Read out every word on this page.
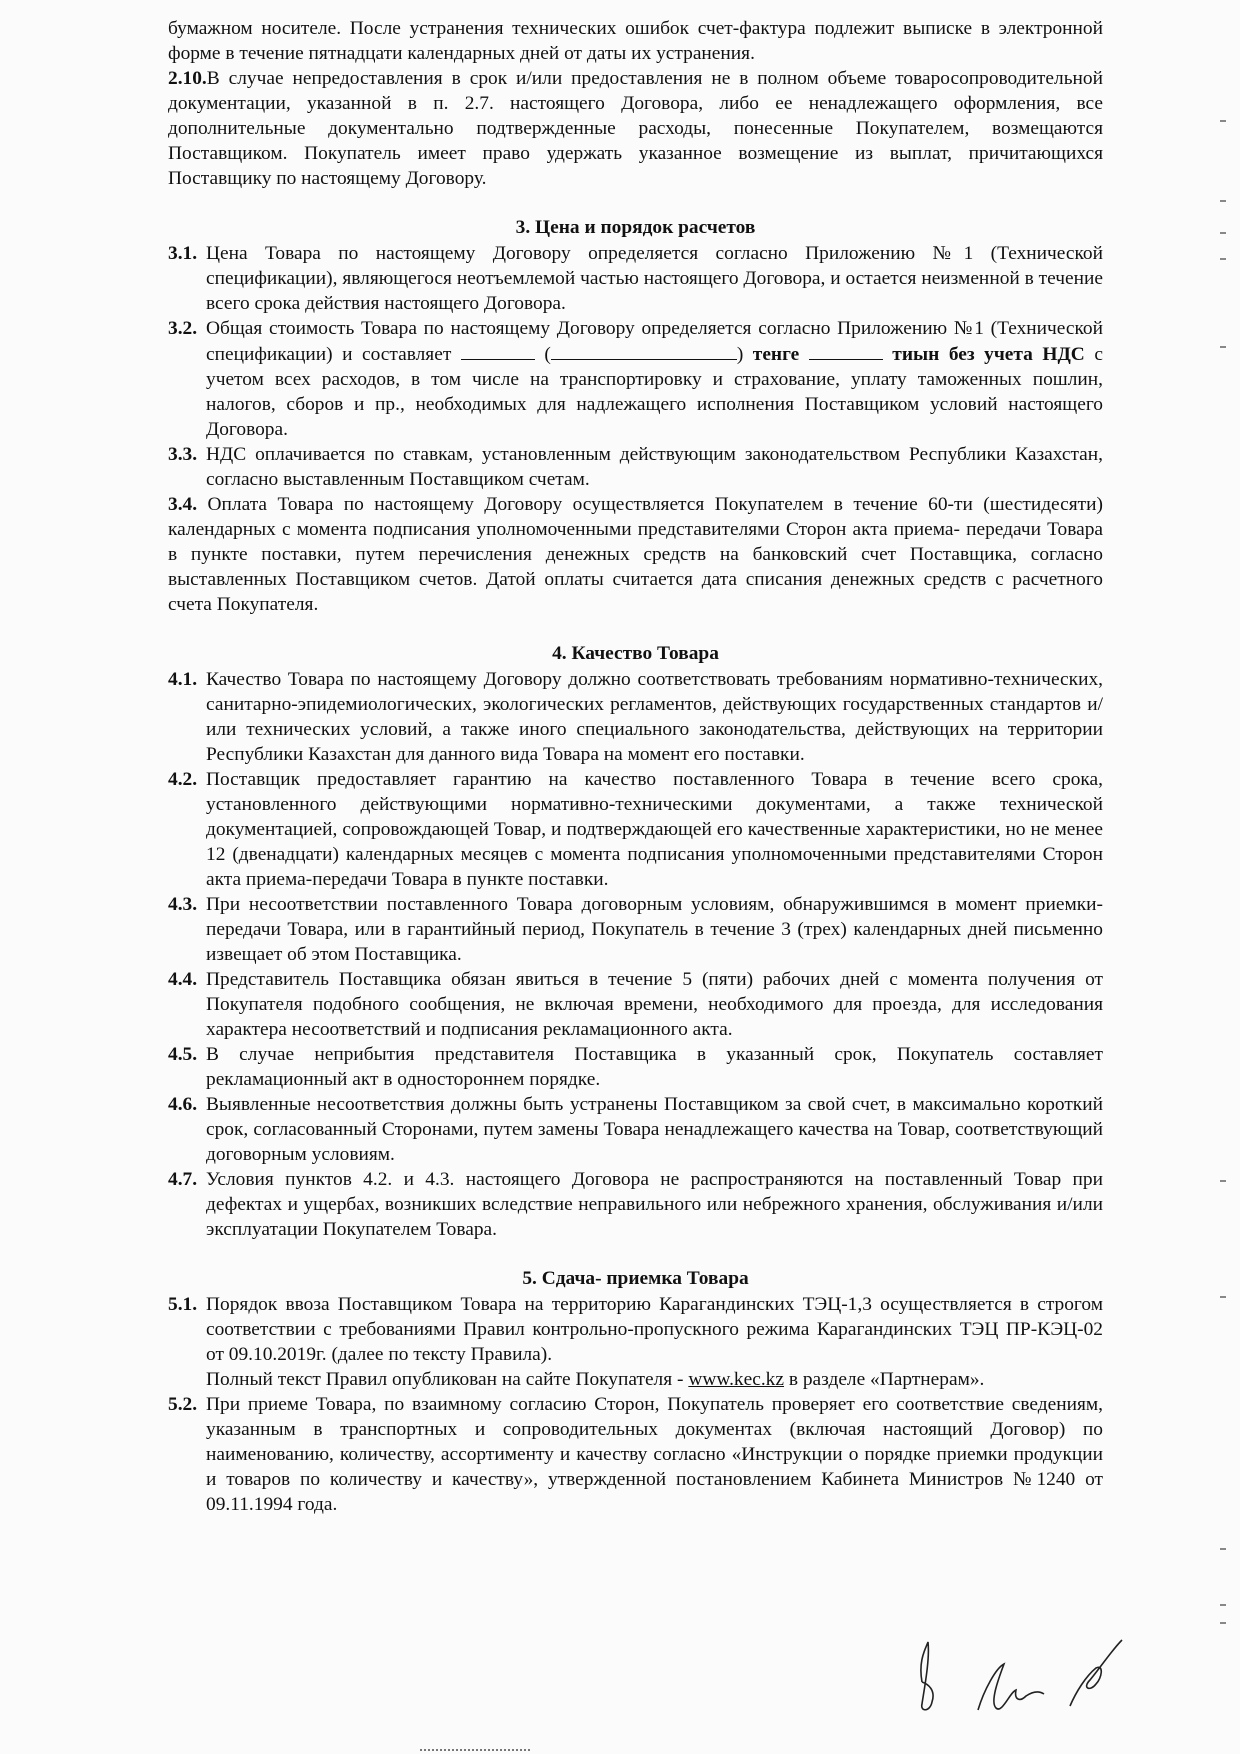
бумажном носителе. После устранения технических ошибок счет-фактура подлежит выписке в электронной форме в течение пятнадцати календарных дней от даты их устранения.

2.10.В случае непредоставления в срок и/или предоставления не в полном объеме товаросопроводительной документации, указанной в п. 2.7. настоящего Договора, либо ее ненадлежащего оформления, все дополнительные документально подтвержденные расходы, понесенные Покупателем, возмещаются Поставщиком. Покупатель имеет право удержать указанное возмещение из выплат, причитающихся Поставщику по настоящему Договору.

3. Цена и порядок расчетов
3.1. Цена Товара по настоящему Договору определяется согласно Приложению №1 (Технической спецификации), являющегося неотъемлемой частью настоящего Договора, и остается неизменной в течение всего срока действия настоящего Договора.
3.2. Общая стоимость Товара по настоящему Договору определяется согласно Приложению №1 (Технической спецификации) и составляет	(	) тенге	тиын без учета НДС с учетом всех расходов, в том числе на транспортировку и страхование, уплату таможенных пошлин, налогов, сборов и пр., необходимых для надлежащего исполнения Поставщиком условий настоящего Договора.
3.3. НДС оплачивается по ставкам, установленным действующим законодательством Республики Казахстан, согласно выставленным Поставщиком счетам.

3.4. Оплата Товара по настоящему Договору осуществляется Покупателем в течение 60-ти (шестидесяти) календарных с момента подписания уполномоченными представителями Сторон акта приема- передачи Товара в пункте поставки, путем перечисления денежных средств на банковский счет Поставщика, согласно выставленных Поставщиком счетов. Датой оплаты считается дата списания денежных средств с расчетного счета Покупателя.

4. Качество Товара
4.1. Качество Товара по настоящему Договору должно соответствовать требованиям нормативно-технических, санитарно-эпидемиологических, экологических регламентов, действующих государственных стандартов и/или технических условий, а также иного специального законодательства, действующих на территории Республики Казахстан для данного вида Товара на момент его поставки.
4.2. Поставщик предоставляет гарантию на качество поставленного Товара в течение всего срока, установленного действующими нормативно-техническими документами, а также технической документацией, сопровождающей Товар, и подтверждающей его качественные характеристики, но не менее 12 (двенадцати) календарных месяцев с момента подписания уполномоченными представителями Сторон акта приема-передачи Товара в пункте поставки.
4.3. При несоответствии поставленного Товара договорным условиям, обнаружившимся в момент приемки-передачи Товара, или в гарантийный период, Покупатель в течение 3 (трех) календарных дней письменно извещает об этом Поставщика.
4.4. Представитель Поставщика обязан явиться в течение 5 (пяти) рабочих дней с момента получения от Покупателя подобного сообщения, не включая времени, необходимого для проезда, для исследования характера несоответствий и подписания рекламационного акта.
4.5. В случае неприбытия представителя Поставщика в указанный срок, Покупатель составляет рекламационный акт в одностороннем порядке.
4.6. Выявленные несоответствия должны быть устранены Поставщиком за свой счет, в максимально короткий срок, согласованный Сторонами, путем замены Товара ненадлежащего качества на Товар, соответствующий договорным условиям.
4.7. Условия пунктов 4.2. и 4.3. настоящего Договора не распространяются на поставленный Товар при дефектах и ущербах, возникших вследствие неправильного или небрежного хранения, обслуживания и/или эксплуатации Покупателем Товара.
5. Сдача- приемка Товара
5.1. Порядок ввоза Поставщиком Товара на территорию Карагандинских ТЭЦ-1,3 осуществляется в строгом соответствии с требованиями Правил контрольно-пропускного режима Карагандинских ТЭЦ ПР-КЭЦ-02 от 09.10.2019г. (далее по тексту Правила).
Полный текст Правил опубликован на сайте Покупателя - www.kec.kz в разделе «Партнерам».
5.2. При приеме Товара, по взаимному согласию Сторон, Покупатель проверяет его соответствие сведениям, указанным в транспортных и сопроводительных документах (включая настоящий Договор) по наименованию, количеству, ассортименту и качеству согласно «Инструкции о порядке приемки продукции и товаров по количеству и качеству», утвержденной постановлением Кабинета Министров №1240 от 09.11.1994 года.
